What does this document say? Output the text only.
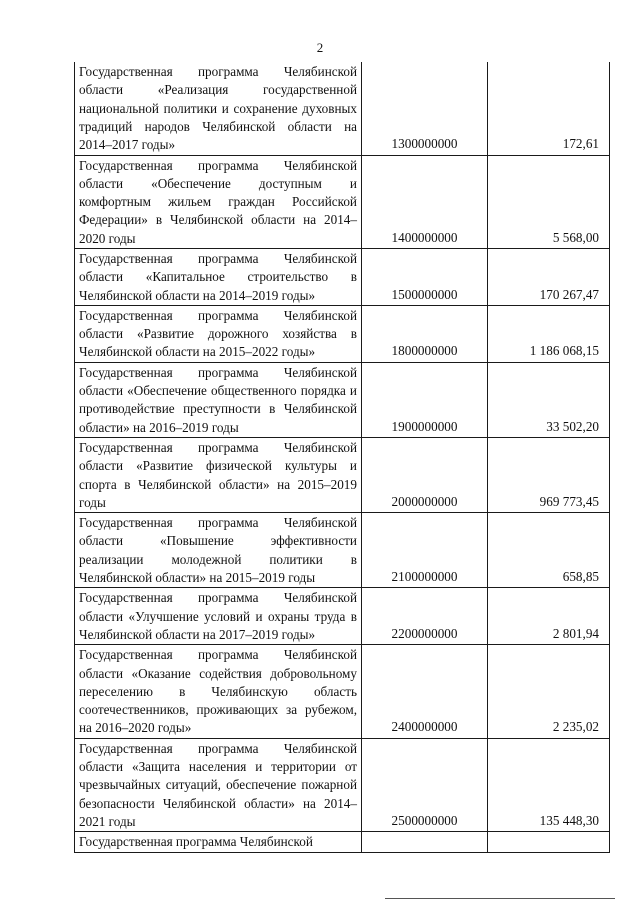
2
Государственная программа Челябинской области «Реализация государственной национальной политики и сохранение духовных традиций народов Челябинской области на 2014–2017 годы»	1300000000	172,61
Государственная программа Челябинской области «Обеспечение доступным и комфортным жильем граждан Российской Федерации» в Челябинской области на 2014–2020 годы	1400000000	5 568,00
Государственная программа Челябинской области «Капитальное строительство в Челябинской области на 2014–2019 годы»	1500000000	170 267,47
Государственная программа Челябинской области «Развитие дорожного хозяйства в Челябинской области на 2015–2022 годы»	1800000000	1 186 068,15
Государственная программа Челябинской области «Обеспечение общественного порядка и противодействие преступности в Челябинской области» на 2016–2019 годы	1900000000	33 502,20
Государственная программа Челябинской области «Развитие физической культуры и спорта в Челябинской области» на 2015–2019 годы	2000000000	969 773,45
Государственная программа Челябинской области «Повышение эффективности реализации молодежной политики в Челябинской области» на 2015–2019 годы	2100000000	658,85
Государственная программа Челябинской области «Улучшение условий и охраны труда в Челябинской области на 2017–2019 годы»	2200000000	2 801,94
Государственная программа Челябинской области «Оказание содействия добровольному переселению в Челябинскую область соотечественников, проживающих за рубежом, на 2016–2020 годы»	2400000000	2 235,02
Государственная программа Челябинской области «Защита населения и территории от чрезвычайных ситуаций, обеспечение пожарной безопасности Челябинской области» на 2014–2021 годы	2500000000	135 448,30
Государственная программа Челябинской		
